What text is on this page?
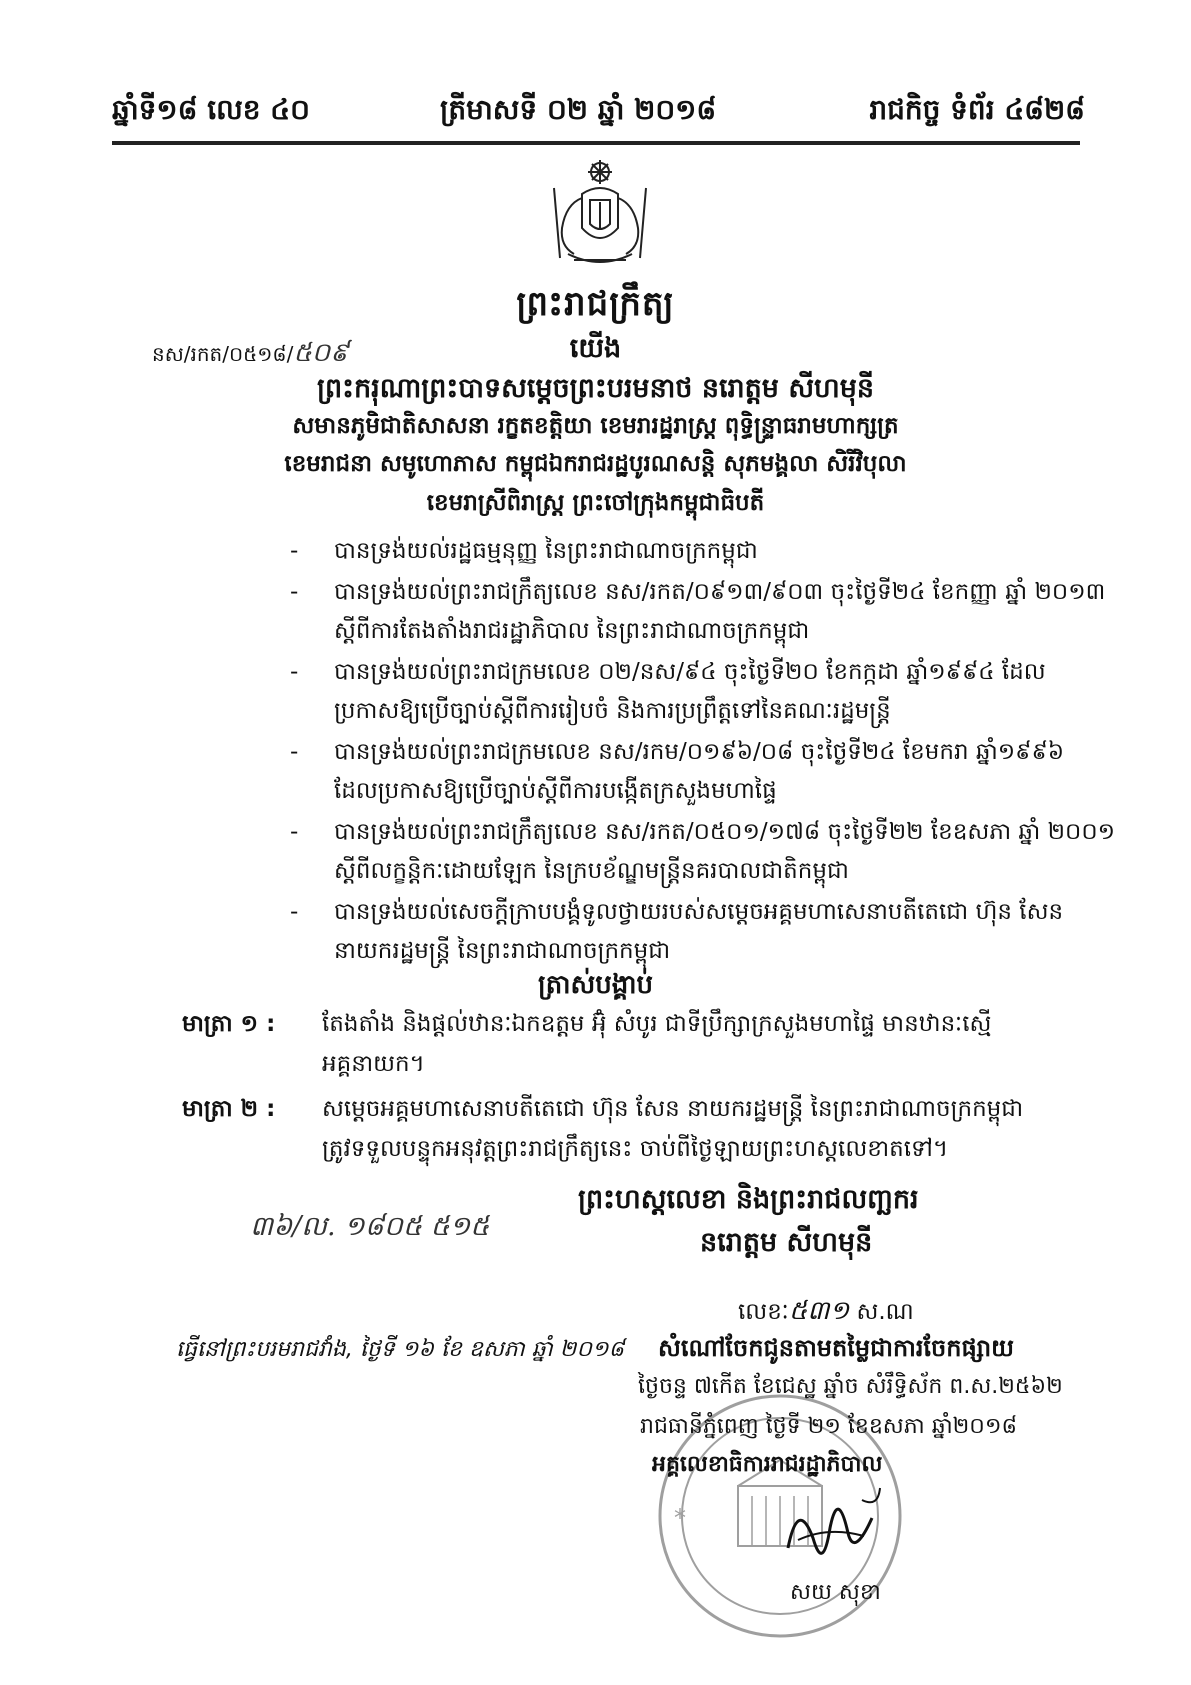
ឆ្នាំទី១៨ លេខ ៤០	ត្រីមាសទី ០២ ឆ្នាំ ២០១៨	រាជកិច្ច ទំព័រ ៤៨២៨
ព្រះរាជក្រឹត្យ
នស/រកត/០៥១៨/៥០៩	យើង
ព្រះករុណាព្រះបាទសម្តេចព្រះបរមនាថ នរោត្តម សីហមុនី
សមានភូមិជាតិសាសនា រក្ខតខត្តិយា ខេមរារដ្ឋរាស្ត្រ ពុទ្ធិន្ទ្រាធរាមហាក្សត្រ
ខេមរាជនា សមូហោភាស កម្ពុជឯករាជរដ្ឋបូរណសន្តិ សុភមង្គលា សិរីវិបុលា
ខេមរាស្រីពិរាស្ត្រ ព្រះចៅក្រុងកម្ពុជាធិបតី
- បានទ្រង់យល់រដ្ឋធម្មនុញ្ញ នៃព្រះរាជាណាចក្រកម្ពុជា
- បានទ្រង់យល់ព្រះរាជក្រឹត្យលេខ នស/រកត/០៩១៣/៩០៣ ចុះថ្ងៃទី២៤ ខែកញ្ញា ឆ្នាំ ២០១៣
ស្តីពីការតែងតាំងរាជរដ្ឋាភិបាល នៃព្រះរាជាណាចក្រកម្ពុជា
- បានទ្រង់យល់ព្រះរាជក្រមលេខ ០២/នស/៩៤ ចុះថ្ងៃទី២០ ខែកក្កដា ឆ្នាំ១៩៩៤ ដែល
ប្រកាសឱ្យប្រើច្បាប់ស្តីពីការរៀបចំ និងការប្រព្រឹត្តទៅនៃគណៈរដ្ឋមន្ត្រី
- បានទ្រង់យល់ព្រះរាជក្រមលេខ នស/រកម/០១៩៦/០៨ ចុះថ្ងៃទី២៤ ខែមករា ឆ្នាំ១៩៩៦
ដែលប្រកាសឱ្យប្រើច្បាប់ស្តីពីការបង្កើតក្រសួងមហាផ្ទៃ
- បានទ្រង់យល់ព្រះរាជក្រឹត្យលេខ នស/រកត/០៥០១/១៧៨ ចុះថ្ងៃទី២២ ខែឧសភា ឆ្នាំ ២០០១
ស្តីពីលក្ខន្តិកៈដោយឡែក នៃក្របខ័ណ្ឌមន្ត្រីនគរបាលជាតិកម្ពុជា
- បានទ្រង់យល់សេចក្តីក្រាបបង្គំទូលថ្វាយរបស់សម្តេចអគ្គមហាសេនាបតីតេជោ ហ៊ុន សែន
នាយករដ្ឋមន្ត្រី នៃព្រះរាជាណាចក្រកម្ពុជា
ត្រាស់បង្គាប់
មាត្រា ១ : តែងតាំង និងផ្តល់ឋានៈឯកឧត្តម អ៊ុំ សំបូរ ជាទីប្រឹក្សាក្រសួងមហាផ្ទៃ មានឋានៈស្មើ
អគ្គនាយក។
មាត្រា ២ : សម្តេចអគ្គមហាសេនាបតីតេជោ ហ៊ុន សែន នាយករដ្ឋមន្ត្រី នៃព្រះរាជាណាចក្រកម្ពុជា
ត្រូវទទួលបន្ទុកអនុវត្តព្រះរាជក្រឹត្យនេះ ចាប់ពីថ្ងៃឡាយព្រះហស្តលេខាតទៅ។
ព្រះហស្តលេខា និងព្រះរាជលញ្ឆករ
នរោត្តម សីហមុនី
៣៦/ល. ១៨០៥ ៥១៥
លេខៈ៥៣១ ស.ណ
ធ្វើនៅព្រះបរមរាជវាំង, ថ្ងៃទី ១៦ ខែ ឧសភា ឆ្នាំ ២០១៨
*
សំណៅចែកជូនតាមតម្លៃជាការចែកផ្សាយ
ថ្ងៃចន្ទ ៧កើត ខែជេស្ឋ ឆ្នាំច សំរឹទ្ធិស័ក ព.ស.២៥៦២
រាជធានីភ្នំពេញ ថ្ងៃទី ២១ ខែឧសភា ឆ្នាំ២០១៨
អគ្គលេខាធិការរាជរដ្ឋាភិបាល
សយ សុខា
